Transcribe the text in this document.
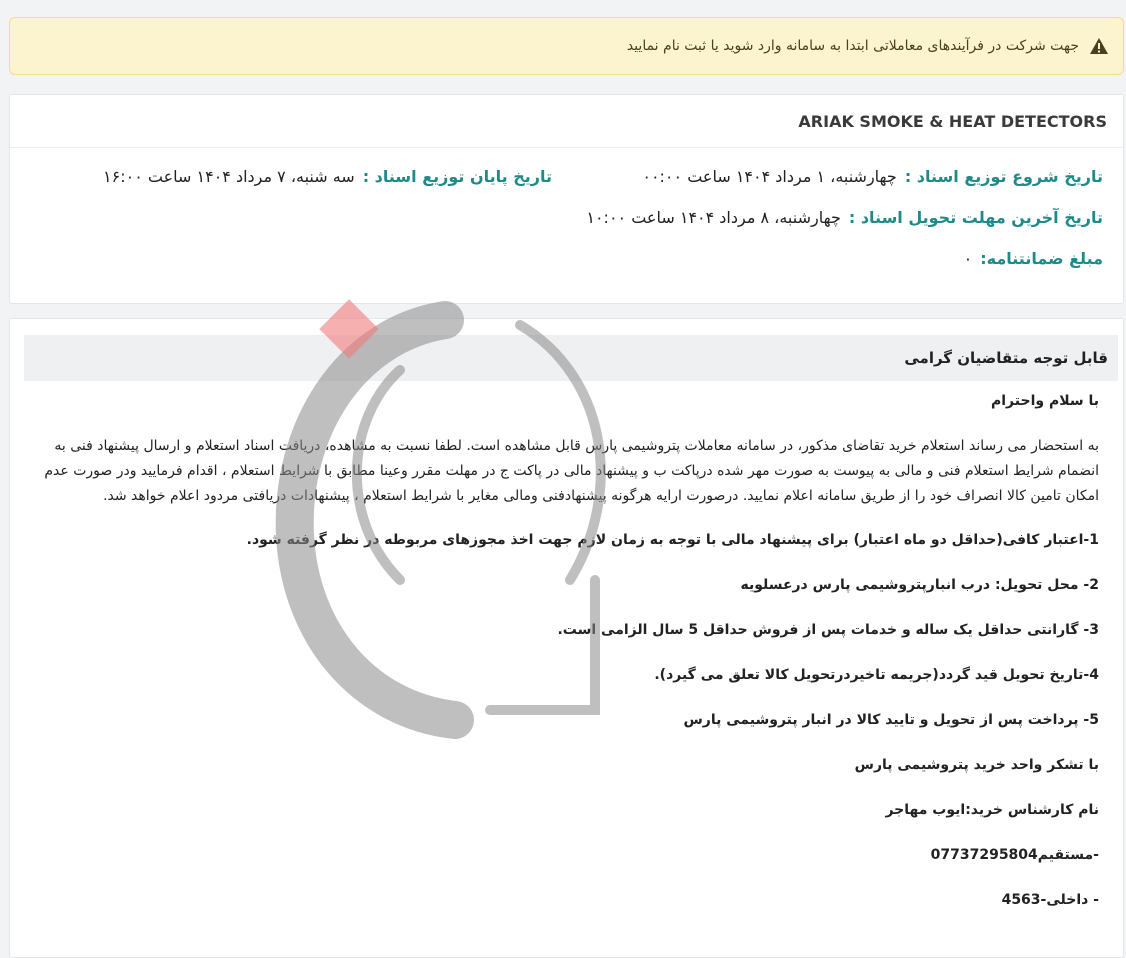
جهت شرکت در فرآیندهای معاملاتی ابتدا به سامانه وارد شوید یا ثبت نام نمایید
ARIAK SMOKE & HEAT DETECTORS
تاریخ شروع توزیع اسناد :
چهارشنبه، ۱ مرداد ۱۴۰۴ ساعت ۰۰:۰۰
تاریخ پایان توزیع اسناد :
سه شنبه، ۷ مرداد ۱۴۰۴ ساعت ۱۶:۰۰
تاریخ آخرین مهلت تحویل اسناد :
چهارشنبه، ۸ مرداد ۱۴۰۴ ساعت ۱۰:۰۰
مبلغ ضمانتنامه:
۰
قابل توجه متقاضیان گرامی

با سلام واحترام

به استحضار می رساند استعلام خرید تقاضای مذکور، در سامانه معاملات پتروشیمی پارس قابل مشاهده است. لطفا نسبت به مشاهده، دریافت اسناد استعلام و ارسال پیشنهاد فنی به انضمام شرایط استعلام فنی و مالی به پیوست به صورت مهر شده درپاکت ب و پیشنهاد مالی در پاکت ج در مهلت مقرر وعینا مطابق با شرایط استعلام ، اقدام فرمایید ودر صورت عدم امکان تامین کالا انصراف خود را از طریق سامانه اعلام نمایید. درصورت ارایه هرگونه پیشنهادفنی ومالی مغایر با شرایط استعلام ، پیشنهادات دریافتی مردود اعلام خواهد شد.

1-اعتبار کافی(حداقل دو ماه اعتبار) برای پیشنهاد مالی با توجه به زمان لازم جهت اخذ مجوزهای مربوطه در نظر گرفته شود.

2- محل تحویل: درب انبارپتروشیمی پارس درعسلویه

3- گارانتی حداقل یک ساله و خدمات پس از فروش حداقل 5 سال الزامی است.

4-تاریخ تحویل قید گردد(جریمه تاخیردرتحویل کالا تعلق می گیرد).

5- پرداخت پس از تحویل و تایید کالا در انبار پتروشیمی پارس

با تشکر واحد خرید پتروشیمی پارس

نام کارشناس خرید:ایوب مهاجر

-مستقیم07737295804

- داخلی-4563
